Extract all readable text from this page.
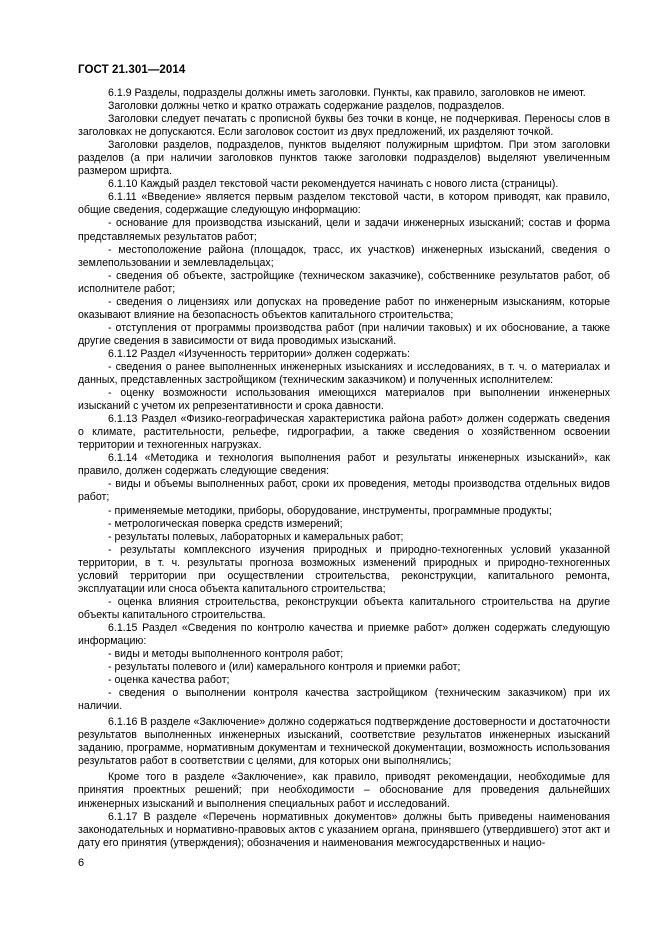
ГОСТ 21.301—2014

6.1.9 Разделы, подразделы должны иметь заголовки. Пункты, как правило, заголовков не имеют.

Заголовки должны четко и кратко отражать содержание разделов, подразделов.

Заголовки следует печатать с прописной буквы без точки в конце, не подчеркивая. Переносы слов в заголовках не допускаются. Если заголовок состоит из двух предложений, их разделяют точкой.

Заголовки разделов, подразделов, пунктов выделяют полужирным шрифтом. При этом заголовки разделов (а при наличии заголовков пунктов также заголовки подразделов) выделяют увеличенным размером шрифта.

6.1.10 Каждый раздел текстовой части рекомендуется начинать с нового листа (страницы).

6.1.11 «Введение» является первым разделом текстовой части, в котором приводят, как правило, общие сведения, содержащие следующую информацию:

- основание для производства изысканий, цели и задачи инженерных изысканий; состав и форма представляемых результатов работ;

- местоположение района (площадок, трасс, их участков) инженерных изысканий, сведения о землепользовании и землевладельцах;

- сведения об объекте, застройщике (техническом заказчике), собственнике результатов работ, об исполнителе работ;

- сведения о лицензиях или допусках на проведение работ по инженерным изысканиям, которые оказывают влияние на безопасность объектов капитального строительства;

- отступления от программы производства работ (при наличии таковых) и их обоснование, а также другие сведения в зависимости от вида проводимых изысканий.

6.1.12 Раздел «Изученность территории» должен содержать:

- сведения о ранее выполненных инженерных изысканиях и исследованиях, в т. ч. о материалах и данных, представленных застройщиком (техническим заказчиком) и полученных исполнителем:

- оценку возможности использования имеющихся материалов при выполнении инженерных изысканий с учетом их репрезентативности и срока давности.

6.1.13 Раздел «Физико-географическая характеристика района работ» должен содержать сведения о климате, растительности, рельефе, гидрографии, а также сведения о хозяйственном освоении территории и техногенных нагрузках.

6.1.14 «Методика и технология выполнения работ и результаты инженерных изысканий», как правило, должен содержать следующие сведения:

- виды и объемы выполненных работ, сроки их проведения, методы производства отдельных видов работ;

- применяемые методики, приборы, оборудование, инструменты, программные продукты;

- метрологическая поверка средств измерений;

- результаты полевых, лабораторных и камеральных работ;

- результаты комплексного изучения природных и природно-техногенных условий указанной территории, в т. ч. результаты прогноза возможных изменений природных и природно-техногенных условий территории при осуществлении строительства, реконструкции, капитального ремонта, эксплуатации или сноса объекта капитального строительства;

- оценка влияния строительства, реконструкции объекта капитального строительства на другие объекты капитального строительства.

6.1.15 Раздел «Сведения по контролю качества и приемке работ» должен содержать следующую информацию:

- виды и методы выполненного контроля работ;

- результаты полевого и (или) камерального контроля и приемки работ;

- оценка качества работ;

- сведения о выполнении контроля качества застройщиком (техническим заказчиком) при их наличии.

6.1.16 В разделе «Заключение» должно содержаться подтверждение достоверности и достаточности результатов выполненных инженерных изысканий, соответствие результатов инженерных изысканий заданию, программе, нормативным документам и технической документации, возможность использования результатов работ в соответствии с целями, для которых они выполнялись;

Кроме того в разделе «Заключение», как правило, приводят рекомендации, необходимые для принятия проектных решений; при необходимости – обоснование для проведения дальнейших инженерных изысканий и выполнения специальных работ и исследований.

6.1.17 В разделе «Перечень нормативных документов» должны быть приведены наименования законодательных и нормативно-правовых актов с указанием органа, принявшего (утвердившего) этот акт и дату его принятия (утверждения); обозначения и наименования межгосударственных и нацио-

6
